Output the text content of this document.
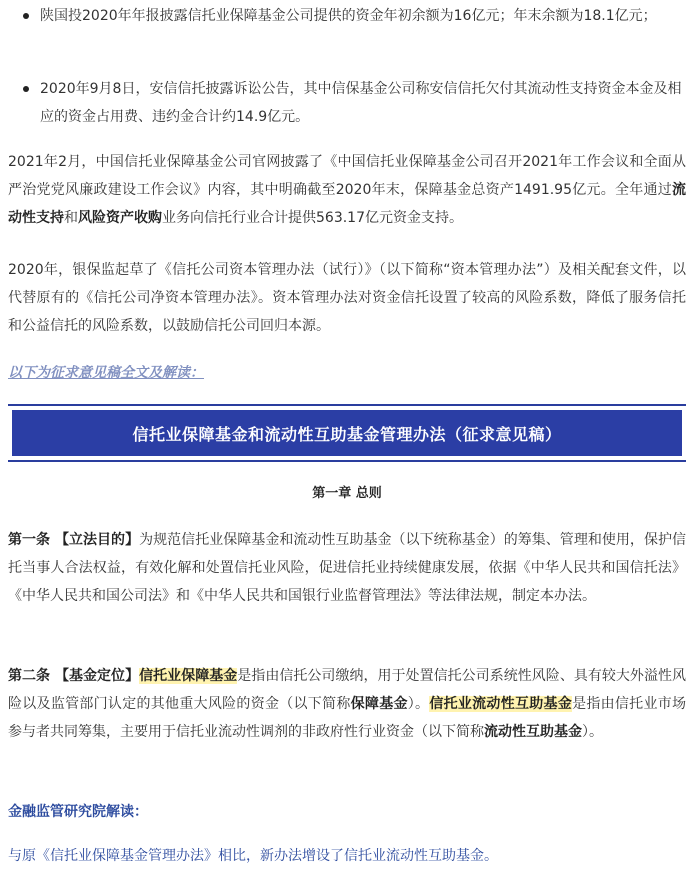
陕国投2020年年报披露信托业保障基金公司提供的资金年初余额为16亿元；年末余额为18.1亿元；
2020年9月8日，安信信托披露诉讼公告，其中信保基金公司称安信信托欠付其流动性支持资金本金及相应的资金占用费、违约金合计约14.9亿元。
2021年2月，中国信托业保障基金公司官网披露了《中国信托业保障基金公司召开2021年工作会议和全面从严治党党风廉政建设工作会议》内容，其中明确截至2020年末，保障基金总资产1491.95亿元。全年通过流动性支持和风险资产收购业务向信托行业合计提供563.17亿元资金支持。
2020年，银保监起草了《信托公司资本管理办法（试行）》（以下简称“资本管理办法”）及相关配套文件，以代替原有的《信托公司净资本管理办法》。资本管理办法对资金信托设置了较高的风险系数，降低了服务信托和公益信托的风险系数，以鼓励信托公司回归本源。
以下为征求意见稿全文及解读：
信托业保障基金和流动性互助基金管理办法（征求意见稿）
第一章 总则
第一条 【立法目的】为规范信托业保障基金和流动性互助基金（以下统称基金）的筹集、管理和使用，保护信托当事人合法权益，有效化解和处置信托业风险，促进信托业持续健康发展，依据《中华人民共和国信托法》《中华人民共和国公司法》和《中华人民共和国银行业监督管理法》等法律法规，制定本办法。
第二条 【基金定位】信托业保障基金是指由信托公司缴纳，用于处置信托公司系统性风险、具有较大外溢性风险以及监管部门认定的其他重大风险的资金（以下简称保障基金）。信托业流动性互助基金是指由信托业市场参与者共同筹集，主要用于信托业流动性调剂的非政府性行业资金（以下简称流动性互助基金）。
金融监管研究院解读：
与原《信托业保障基金管理办法》相比，新办法增设了信托业流动性互助基金。
